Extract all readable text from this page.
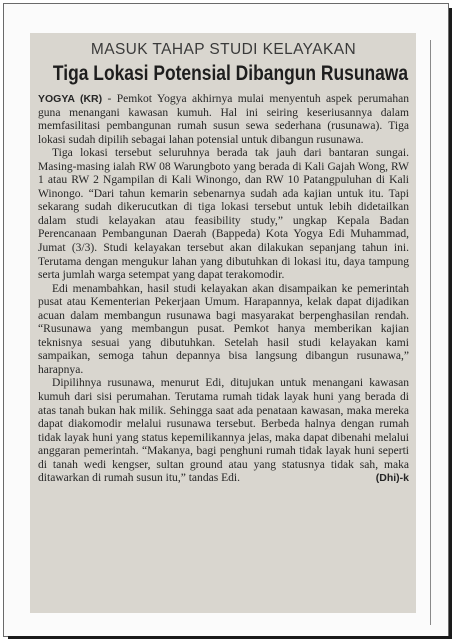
MASUK TAHAP STUDI KELAYAKAN
Tiga Lokasi Potensial Dibangun Rusunawa

YOGYA (KR) - Pemkot Yogya akhirnya mulai menyentuh aspek perumahan guna menangani kawasan kumuh. Hal ini seiring keseriusannya dalam memfasilitasi pembangunan rumah susun sewa sederhana (rusunawa). Tiga lokasi sudah dipilih sebagai lahan potensial untuk dibangun rusunawa.

Tiga lokasi tersebut seluruhnya berada tak jauh dari bantaran sungai. Masing-masing ialah RW 08 Warungboto yang berada di Kali Gajah Wong, RW 1 atau RW 2 Ngampilan di Kali Winongo, dan RW 10 Patangpuluhan di Kali Winongo. “Dari tahun kemarin sebenarnya sudah ada kajian untuk itu. Tapi sekarang sudah dikerucutkan di tiga lokasi tersebut untuk lebih didetailkan dalam studi kelayakan atau feasibility study,” ungkap Kepala Badan Perencanaan Pembangunan Daerah (Bappeda) Kota Yogya Edi Muhammad, Jumat (3/3). Studi kelayakan tersebut akan dilakukan sepanjang tahun ini. Terutama dengan mengukur lahan yang dibutuhkan di lokasi itu, daya tampung serta jumlah warga setempat yang dapat terakomodir.

Edi menambahkan, hasil studi kelayakan akan disampaikan ke pemerintah pusat atau Kementerian Pekerjaan Umum. Harapannya, kelak dapat dijadikan acuan dalam membangun rusunawa bagi masyarakat berpenghasilan rendah. “Rusunawa yang membangun pusat. Pemkot hanya memberikan kajian teknisnya sesuai yang dibutuhkan. Setelah hasil studi kelayakan kami sampaikan, semoga tahun depannya bisa langsung dibangun rusunawa,” harapnya.

Dipilihnya rusunawa, menurut Edi, ditujukan untuk menangani kawasan kumuh dari sisi perumahan. Terutama rumah tidak layak huni yang berada di atas tanah bukan hak milik. Sehingga saat ada penataan kawasan, maka mereka dapat diakomodir melalui rusunawa tersebut. Berbeda halnya dengan rumah tidak layak huni yang status kepemilikannya jelas, maka dapat dibenahi melalui anggaran pemerintah. “Makanya, bagi penghuni rumah tidak layak huni seperti di tanah wedi kengser, sultan ground atau yang statusnya tidak sah, maka ditawarkan di rumah susun itu,” tandas Edi.	(Dhi)-k
